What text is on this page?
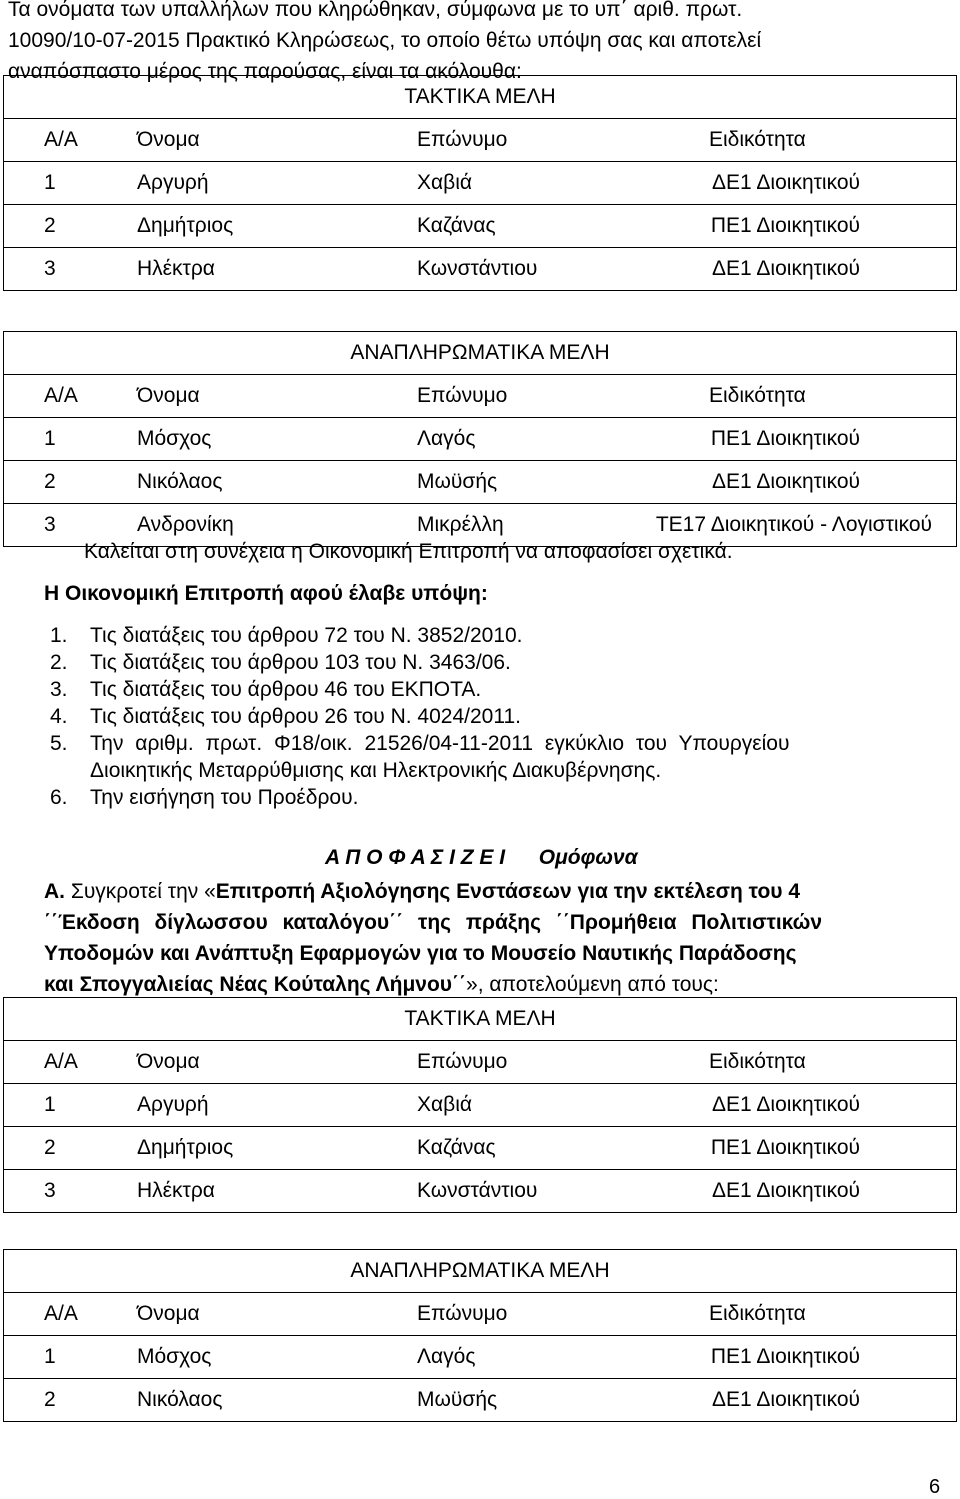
Τα ονόματα των υπαλλήλων που κληρώθηκαν, σύμφωνα με το υπ΄ αριθ. πρωτ.
10090/10-07-2015 Πρακτικό Κληρώσεως, το οποίο θέτω υπόψη σας και αποτελεί
αναπόσπαστο μέρος της παρούσας, είναι τα ακόλουθα:
ΤΑΚΤΙΚΑ ΜΕΛΗ
Α/Α	Όνομα	Επώνυμο	Ειδικότητα
1	Αργυρή	Χαβιά	ΔΕ1 Διοικητικού
2	Δημήτριος	Καζάνας	ΠΕ1 Διοικητικού
3	Ηλέκτρα	Κωνστάντιου	ΔΕ1 Διοικητικού
ΑΝΑΠΛΗΡΩΜΑΤΙΚΑ ΜΕΛΗ
Α/Α	Όνομα	Επώνυμο	Ειδικότητα
1	Μόσχος	Λαγός	ΠΕ1 Διοικητικού
2	Νικόλαος	Μωϋσής	ΔΕ1 Διοικητικού
3	Ανδρονίκη	Μικρέλλη	ΤΕ17 Διοικητικού - Λογιστικού
Καλείται στη συνέχεια η Οικονομική Επιτροπή να αποφασίσει σχετικά.
Η Οικονομική Επιτροπή αφού έλαβε υπόψη:
1. Τις διατάξεις του άρθρου 72 του Ν. 3852/2010.
2. Τις διατάξεις του άρθρου 103 του Ν. 3463/06.
3. Τις διατάξεις του άρθρου 46 του ΕΚΠΟΤΑ.
4. Τις διατάξεις του άρθρου 26 του Ν. 4024/2011.
5. Την αριθμ. πρωτ. Φ18/οικ. 21526/04-11-2011 εγκύκλιο του Υπουργείου
Διοικητικής Μεταρρύθμισης και Ηλεκτρονικής Διακυβέρνησης.
6. Την εισήγηση του Προέδρου.
Α Π Ο Φ Α Σ Ι Ζ Ε Ι Ομόφωνα
Α. Συγκροτεί την «Επιτροπή Αξιολόγησης Ενστάσεων για την εκτέλεση του 4
΄΄Έκδοση δίγλωσσου καταλόγου΄΄ της πράξης ΄΄Προμήθεια Πολιτιστικών
Υποδομών και Ανάπτυξη Εφαρμογών για το Μουσείο Ναυτικής Παράδοσης
και Σπογγαλιείας Νέας Κούταλης Λήμνου΄΄», αποτελούμενη από τους:
ΤΑΚΤΙΚΑ ΜΕΛΗ
Α/Α	Όνομα	Επώνυμο	Ειδικότητα
1	Αργυρή	Χαβιά	ΔΕ1 Διοικητικού
2	Δημήτριος	Καζάνας	ΠΕ1 Διοικητικού
3	Ηλέκτρα	Κωνστάντιου	ΔΕ1 Διοικητικού
ΑΝΑΠΛΗΡΩΜΑΤΙΚΑ ΜΕΛΗ
Α/Α	Όνομα	Επώνυμο	Ειδικότητα
1	Μόσχος	Λαγός	ΠΕ1 Διοικητικού
2	Νικόλαος	Μωϋσής	ΔΕ1 Διοικητικού
6
